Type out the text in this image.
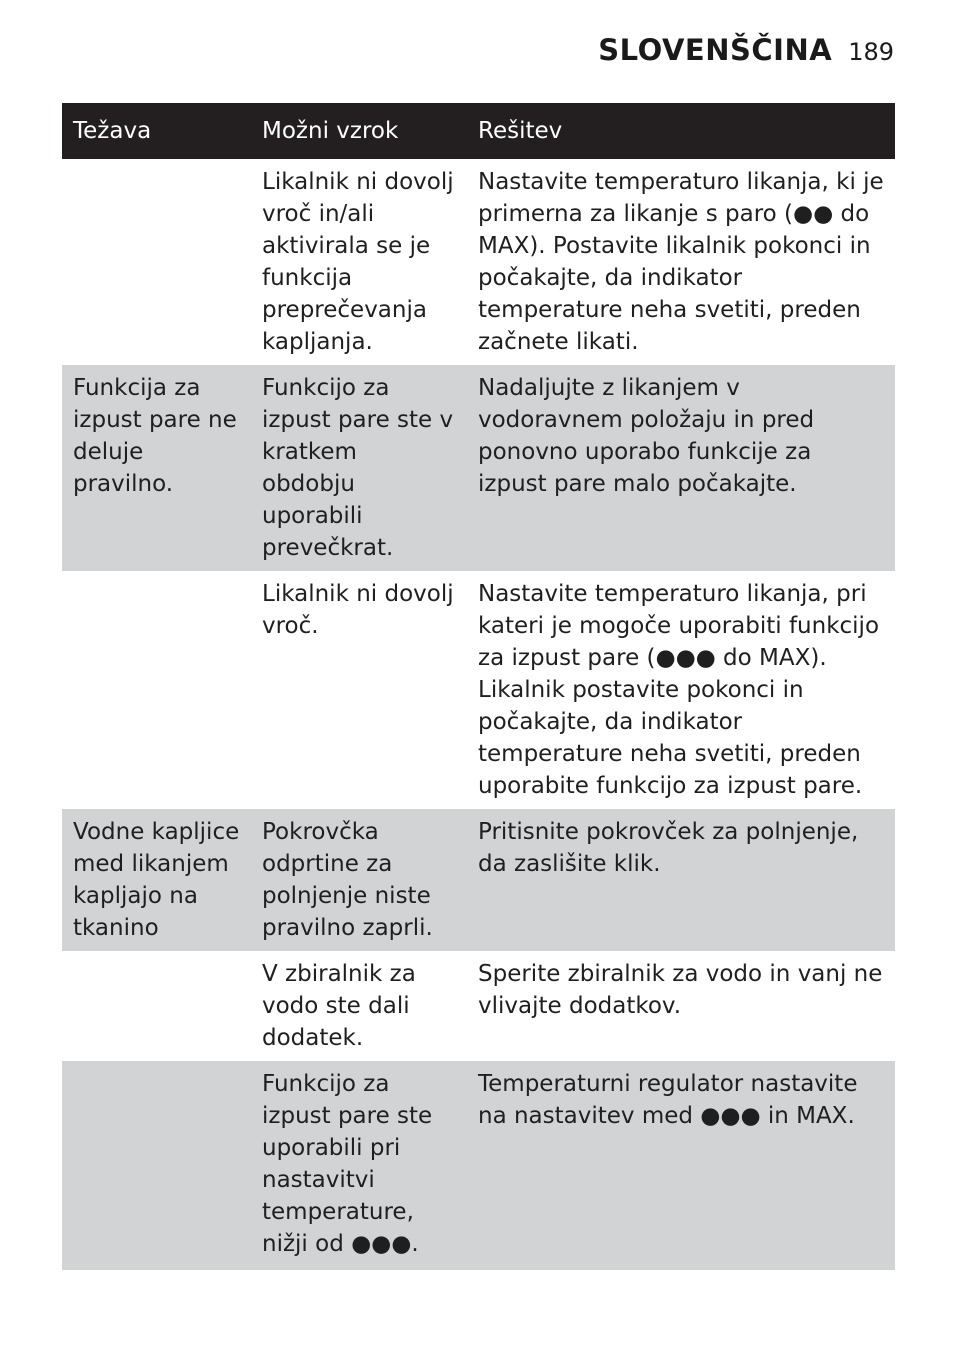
SLOVENŠČINA 189
Težava	Možni vzrok	Rešitev
	Likalnik ni dovolj vroč in/ali aktivirala se je funkcija preprečevanja kapljanja.	Nastavite temperaturo likanja, ki je primerna za likanje s paro (●● do MAX). Postavite likalnik pokonci in počakajte, da indikator temperature neha svetiti, preden začnete likati.
Funkcija za izpust pare ne deluje pravilno.	Funkcijo za izpust pare ste v kratkem obdobju uporabili prevečkrat.	Nadaljujte z likanjem v vodoravnem položaju in pred ponovno uporabo funkcije za izpust pare malo počakajte.
	Likalnik ni dovolj vroč.	Nastavite temperaturo likanja, pri kateri je mogoče uporabiti funkcijo za izpust pare (●●● do MAX). Likalnik postavite pokonci in počakajte, da indikator temperature neha svetiti, preden uporabite funkcijo za izpust pare.
Vodne kapljice med likanjem kapljajo na tkanino	Pokrovčka odprtine za polnjenje niste pravilno zaprli.	Pritisnite pokrovček za polnjenje, da zaslišite klik.
	V zbiralnik za vodo ste dali dodatek.	Sperite zbiralnik za vodo in vanj ne vlivajte dodatkov.
	Funkcijo za izpust pare ste uporabili pri nastavitvi temperature, nižji od ●●●.	Temperaturni regulator nastavite na nastavitev med ●●● in MAX.
